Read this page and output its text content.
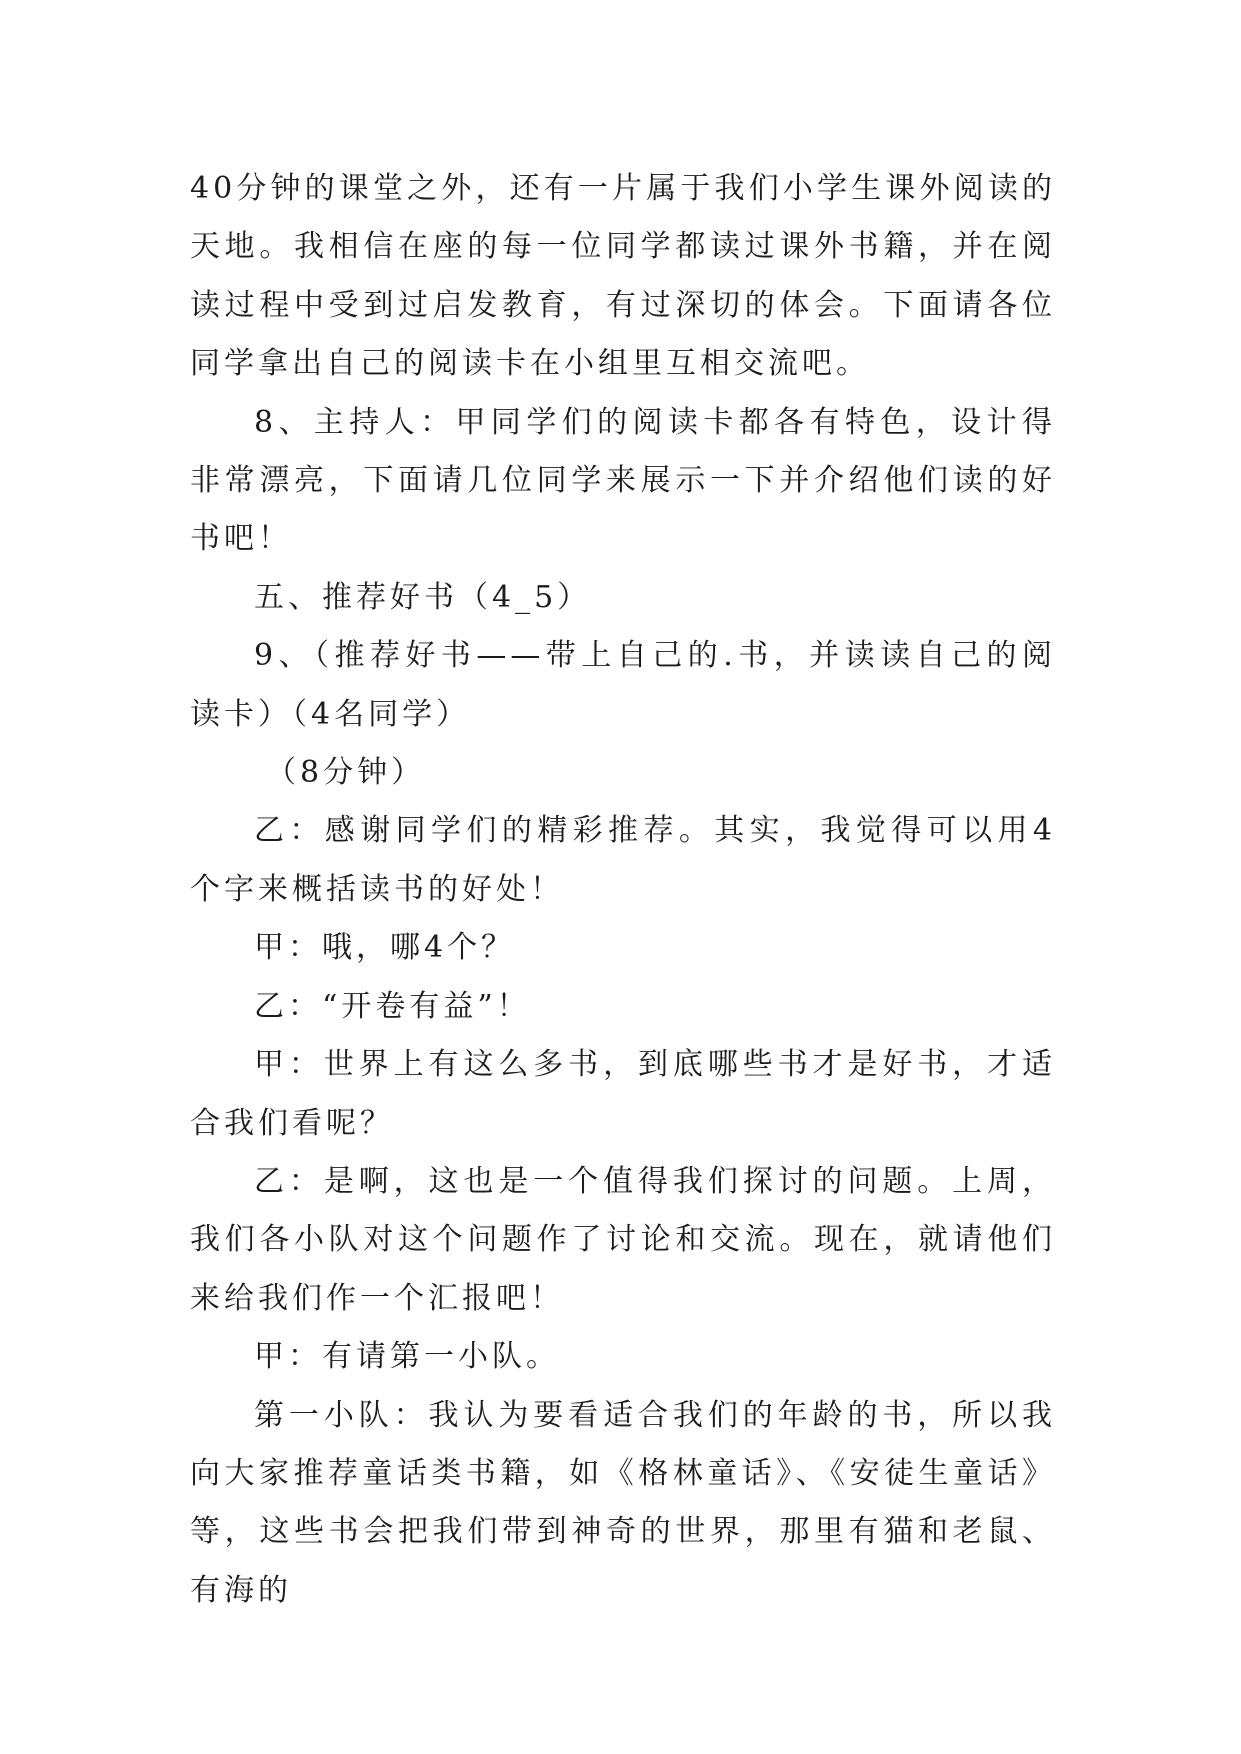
40分钟的课堂之外，还有一片属于我们小学生课外阅读的天地。我相信在座的每一位同学都读过课外书籍，并在阅读过程中受到过启发教育，有过深切的体会。下面请各位同学拿出自己的阅读卡在小组里互相交流吧。

8、主持人：甲同学们的阅读卡都各有特色，设计得非常漂亮，下面请几位同学来展示一下并介绍他们读的好书吧！

五、推荐好书（4_5）

9、（推荐好书——带上自己的.书，并读读自己的阅读卡）（4名同学）

（8分钟）

乙：感谢同学们的精彩推荐。其实，我觉得可以用4个字来概括读书的好处！

甲：哦，哪4个？

乙：“开卷有益”！

甲：世界上有这么多书，到底哪些书才是好书，才适合我们看呢？

乙：是啊，这也是一个值得我们探讨的问题。上周，我们各小队对这个问题作了讨论和交流。现在，就请他们来给我们作一个汇报吧！

甲：有请第一小队。

第一小队：我认为要看适合我们的年龄的书，所以我向大家推荐童话类书籍，如《格林童话》、《安徒生童话》等，这些书会把我们带到神奇的世界，那里有猫和老鼠、有海的
